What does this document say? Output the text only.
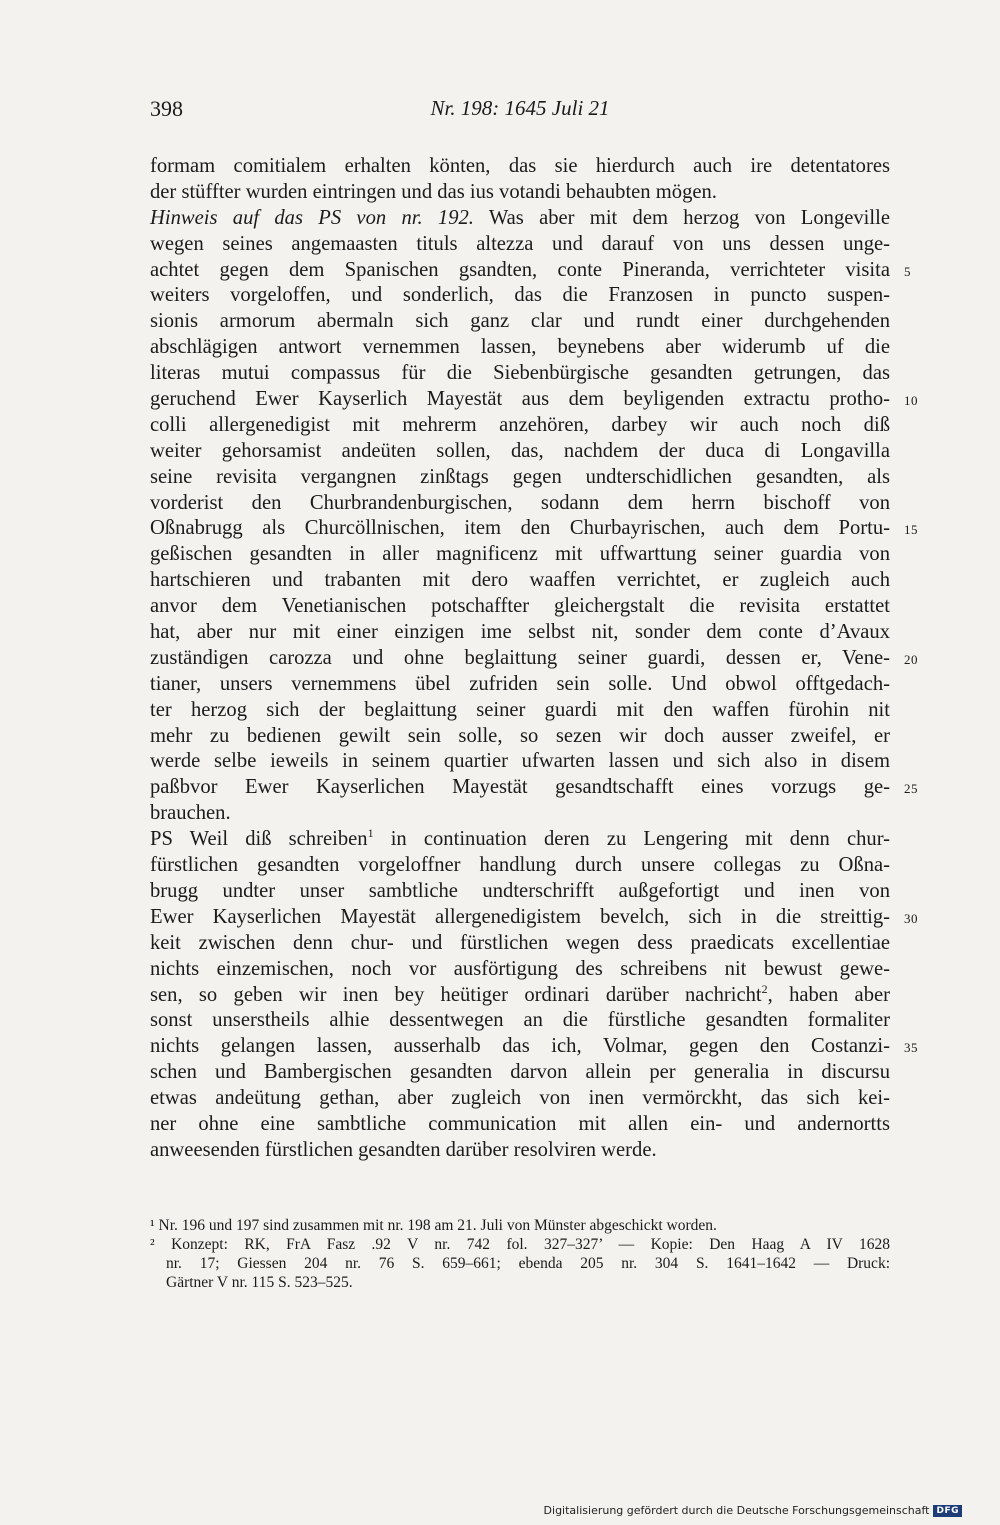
398	Nr. 198: 1645 Juli 21
formam comitialem erhalten könten, das sie hierdurch auch ire detentatores
der stüffter wurden eintringen und das ius votandi behaubten mögen.
Hinweis auf das PS von nr. 192. Was aber mit dem herzog von Longeville
wegen seines angemaasten tituls altezza und darauf von uns dessen unge-
achtet gegen dem Spanischen gsandten, conte Pineranda, verrichteter visita 5
weiters vorgeloffen, und sonderlich, das die Franzosen in puncto suspen-
sionis armorum abermaln sich ganz clar und rundt einer durchgehenden
abschlägigen antwort vernemmen lassen, beynebens aber widerumb uf die
literas mutui compassus für die Siebenbürgische gesandten getrungen, das
geruchend Ewer Kayserlich Mayestät aus dem beyligenden extractu protho- 10
colli allergenedigist mit mehrerm anzehören, darbey wir auch noch diß
weiter gehorsamist andeüten sollen, das, nachdem der duca di Longavilla
seine revisita vergangnen zinßtags gegen undterschidlichen gesandten, als
vorderist den Churbrandenburgischen, sodann dem herrn bischoff von
Oßnabrugg als Churcöllnischen, item den Churbayrischen, auch dem Portu- 15
geßischen gesandten in aller magnificenz mit uffwarttung seiner guardia von
hartschieren und trabanten mit dero waaffen verrichtet, er zugleich auch
anvor dem Venetianischen potschaffter gleichergstalt die revisita erstattet
hat, aber nur mit einer einzigen ime selbst nit, sonder dem conte d’Avaux
zuständigen carozza und ohne beglaittung seiner guardi, dessen er, Vene- 20
tianer, unsers vernemmens übel zufriden sein solle. Und obwol offtgedach-
ter herzog sich der beglaittung seiner guardi mit den waffen fürohin nit
mehr zu bedienen gewilt sein solle, so sezen wir doch ausser zweifel, er
werde selbe ieweils in seinem quartier ufwarten lassen und sich also in disem
paßbvor Ewer Kayserlichen Mayestät gesandtschafft eines vorzugs ge- 25
brauchen.
PS Weil diß schreiben$^1$ in continuation deren zu Lengering mit denn chur-
fürstlichen gesandten vorgeloffner handlung durch unsere collegas zu Oßna-
brugg undter unser sambtliche undterschrifft außgefortigt und inen von
Ewer Kayserlichen Mayestät allergenedigistem bevelch, sich in die streittig- 30
keit zwischen denn chur- und fürstlichen wegen dess praedicats excellentiae
nichts einzemischen, noch vor ausförtigung des schreibens nit bewust gewe-
sen, so geben wir inen bey heütiger ordinari darüber nachricht$^2$, haben aber
sonst unserstheils alhie dessentwegen an die fürstliche gesandten formaliter
nichts gelangen lassen, ausserhalb das ich, Volmar, gegen den Costanzi- 35
schen und Bambergischen gesandten darvon allein per generalia in discursu
etwas andeütung gethan, aber zugleich von inen vermörckht, das sich kei-
ner ohne eine sambtliche communication mit allen ein- und andernortts
anweesenden fürstlichen gesandten darüber resolviren werde.
¹ Nr. 196 und 197 sind zusammen mit nr. 198 am 21. Juli von Münster abgeschickt worden.
² Konzept: RK, FrA Fasz .92 V nr. 742 fol. 327–327’ — Kopie: Den Haag A IV 1628
nr. 17; Giessen 204 nr. 76 S. 659–661; ebenda 205 nr. 304 S. 1641–1642 — Druck:
Gärtner V nr. 115 S. 523–525.
Digitalisierung gefördert durch die Deutsche Forschungsgemeinschaft DFG
